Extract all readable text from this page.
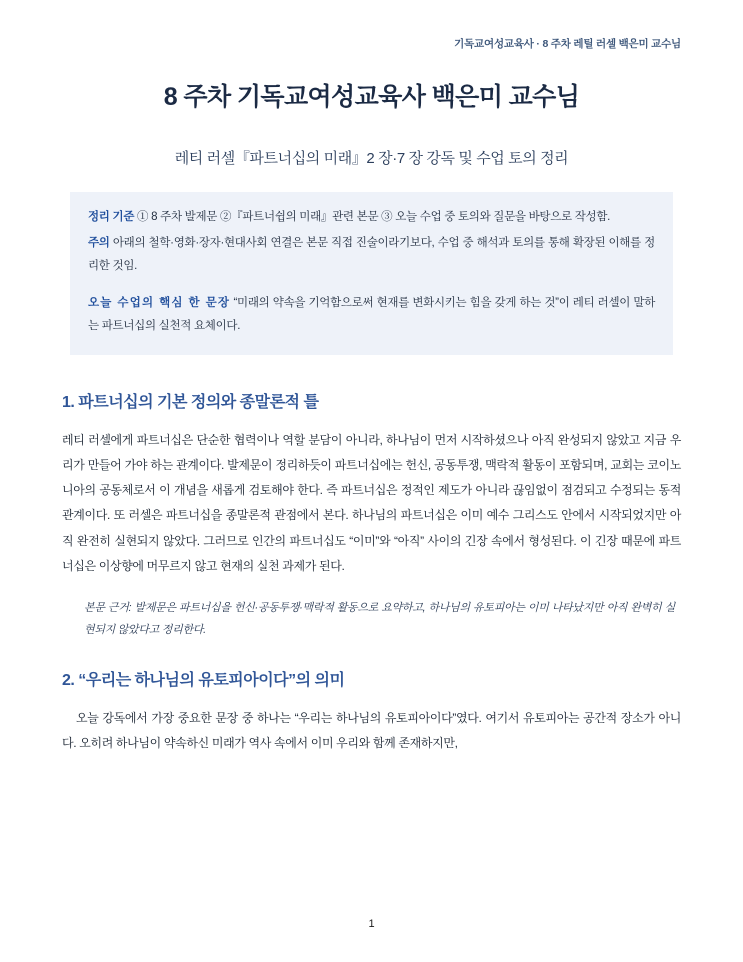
기독교여성교육사 · 8 주차 레틸 러셀 백은미 교수님
8 주차 기독교여성교육사 백은미 교수님
레티 러셀『파트너십의 미래』2 장·7 장 강독 및 수업 토의 정리

정리 기준 ① 8 주차 발제문 ②『파트너쉽의 미래』관련 본문 ③ 오늘 수업 중 토의와 질문을 바탕으로 작성함.

주의 아래의 철학·영화·장자·현대사회 연결은 본문 직접 진술이라기보다, 수업 중 해석과 토의를 통해 확장된 이해를 정리한 것임.

오늘 수업의 핵심 한 문장 “미래의 약속을 기억함으로써 현재를 변화시키는 힘을 갖게 하는 것”이 레티 러셀이 말하는 파트너십의 실천적 요체이다.

1. 파트너십의 기본 정의와 종말론적 틀

레티 러셀에게 파트너십은 단순한 협력이나 역할 분담이 아니라, 하나님이 먼저 시작하셨으나 아직 완성되지 않았고 지금 우리가 만들어 가야 하는 관계이다. 발제문이 정리하듯이 파트너십에는 헌신, 공동투쟁, 맥락적 활동이 포함되며, 교회는 코이노니아의 공동체로서 이 개념을 새롭게 검토해야 한다. 즉 파트너십은 정적인 제도가 아니라 끊임없이 점검되고 수정되는 동적 관계이다. 또 러셀은 파트너십을 종말론적 관점에서 본다. 하나님의 파트너십은 이미 예수 그리스도 안에서 시작되었지만 아직 완전히 실현되지 않았다. 그러므로 인간의 파트너십도 “이미”와 “아직” 사이의 긴장 속에서 형성된다. 이 긴장 때문에 파트너십은 이상향에 머무르지 않고 현재의 실천 과제가 된다.

본문 근거: 발제문은 파트너십을 헌신·공동투쟁·맥락적 활동으로 요약하고, 하나님의 유토피아는 이미 나타났지만 아직 완벽히 실현되지 않았다고 정리한다.

2. “우리는 하나님의 유토피아이다”의 의미

오늘 강독에서 가장 중요한 문장 중 하나는 “우리는 하나님의 유토피아이다”였다. 여기서 유토피아는 공간적 장소가 아니다. 오히려 하나님이 약속하신 미래가 역사 속에서 이미 우리와 함께 존재하지만,

1
